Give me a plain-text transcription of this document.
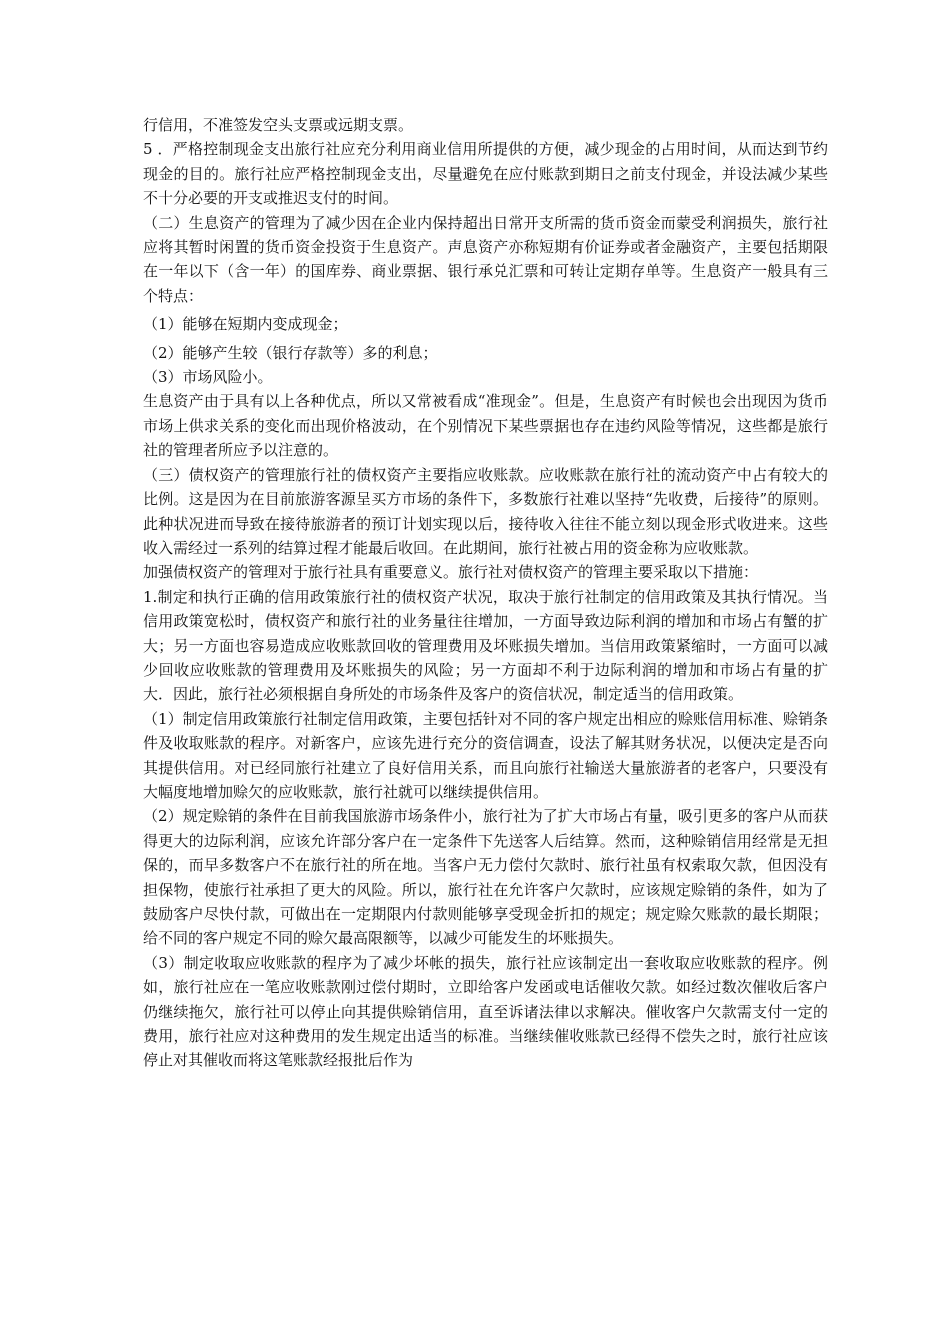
行信用，不准签发空头支票或远期支票。

5 ．严格控制现金支出旅行社应充分利用商业信用所提供的方便，减少现金的占用时间，从而达到节约现金的目的。旅行社应严格控制现金支出，尽量避免在应付账款到期日之前支付现金，并设法减少某些不十分必要的开支或推迟支付的时间。

（二）生息资产的管理为了减少因在企业内保持超出日常开支所需的货币资金而蒙受利润损失，旅行社应将其暂时闲置的货币资金投资于生息资产。声息资产亦称短期有价证券或者金融资产，主要包括期限在一年以下（含一年）的国库券、商业票据、银行承兑汇票和可转让定期存单等。生息资产一般具有三个特点：

（1）能够在短期内变成现金；

（2）能够产生较（银行存款等）多的利息；

（3）市场风险小。

生息资产由于具有以上各种优点，所以又常被看成“准现金”。但是，生息资产有时候也会出现因为货币市场上供求关系的变化而出现价格波动，在个别情况下某些票据也存在违约风险等情况，这些都是旅行社的管理者所应予以注意的。

（三）债权资产的管理旅行社的债权资产主要指应收账款。应收账款在旅行社的流动资产中占有较大的比例。这是因为在目前旅游客源呈买方市场的条件下，多数旅行社难以坚持“先收费，后接待”的原则。此种状况进而导致在接待旅游者的预订计划实现以后，接待收入往往不能立刻以现金形式收进来。这些收入需经过一系列的结算过程才能最后收回。在此期间，旅行社被占用的资金称为应收账款。

加强债权资产的管理对于旅行社具有重要意义。旅行社对债权资产的管理主要采取以下措施：

1.制定和执行正确的信用政策旅行社的债权资产状况，取决于旅行社制定的信用政策及其执行情况。当信用政策宽松时，债权资产和旅行社的业务量往往增加，一方面导致边际利润的增加和市场占有蟹的扩大；另一方面也容易造成应收账款回收的管理费用及坏账损失增加。当信用政策紧缩时，一方面可以减少回收应收账款的管理费用及坏账损失的风险；另一方面却不利于边际利润的增加和市场占有量的扩大．因此，旅行社必须根据自身所处的市场条件及客户的资信状况，制定适当的信用政策。

（1）制定信用政策旅行社制定信用政策，主要包括针对不同的客户规定出相应的赊账信用标准、赊销条件及收取账款的程序。对新客户，应该先进行充分的资信调查，设法了解其财务状况，以便决定是否向其提供信用。对已经同旅行社建立了良好信用关系，而且向旅行社输送大量旅游者的老客户，只要没有大幅度地增加赊欠的应收账款，旅行社就可以继续提供信用。

（2）规定赊销的条件在目前我国旅游市场条件小，旅行社为了扩大市场占有量，吸引更多的客户从而获得更大的边际利润，应该允许部分客户在一定条件下先送客人后结算。然而，这种赊销信用经常是无担保的，而早多数客户不在旅行社的所在地。当客户无力偿付欠款时、旅行社虽有权索取欠款，但因没有担保物，使旅行社承担了更大的风险。所以，旅行社在允许客户欠款时，应该规定赊销的条件，如为了鼓励客户尽快付款，可做出在一定期限内付款则能够享受现金折扣的规定；规定赊欠账款的最长期限；给不同的客户规定不同的赊欠最高限额等，以减少可能发生的坏账损失。

（3）制定收取应收账款的程序为了减少坏帐的损失，旅行社应该制定出一套收取应收账款的程序。例如，旅行社应在一笔应收账款刚过偿付期时，立即给客户发函或电话催收欠款。如经过数次催收后客户仍继续拖欠，旅行社可以停止向其提供赊销信用，直至诉诸法律以求解决。催收客户欠款需支付一定的费用，旅行社应对这种费用的发生规定出适当的标准。当继续催收账款已经得不偿失之时，旅行社应该停止对其催收而将这笔账款经报批后作为
